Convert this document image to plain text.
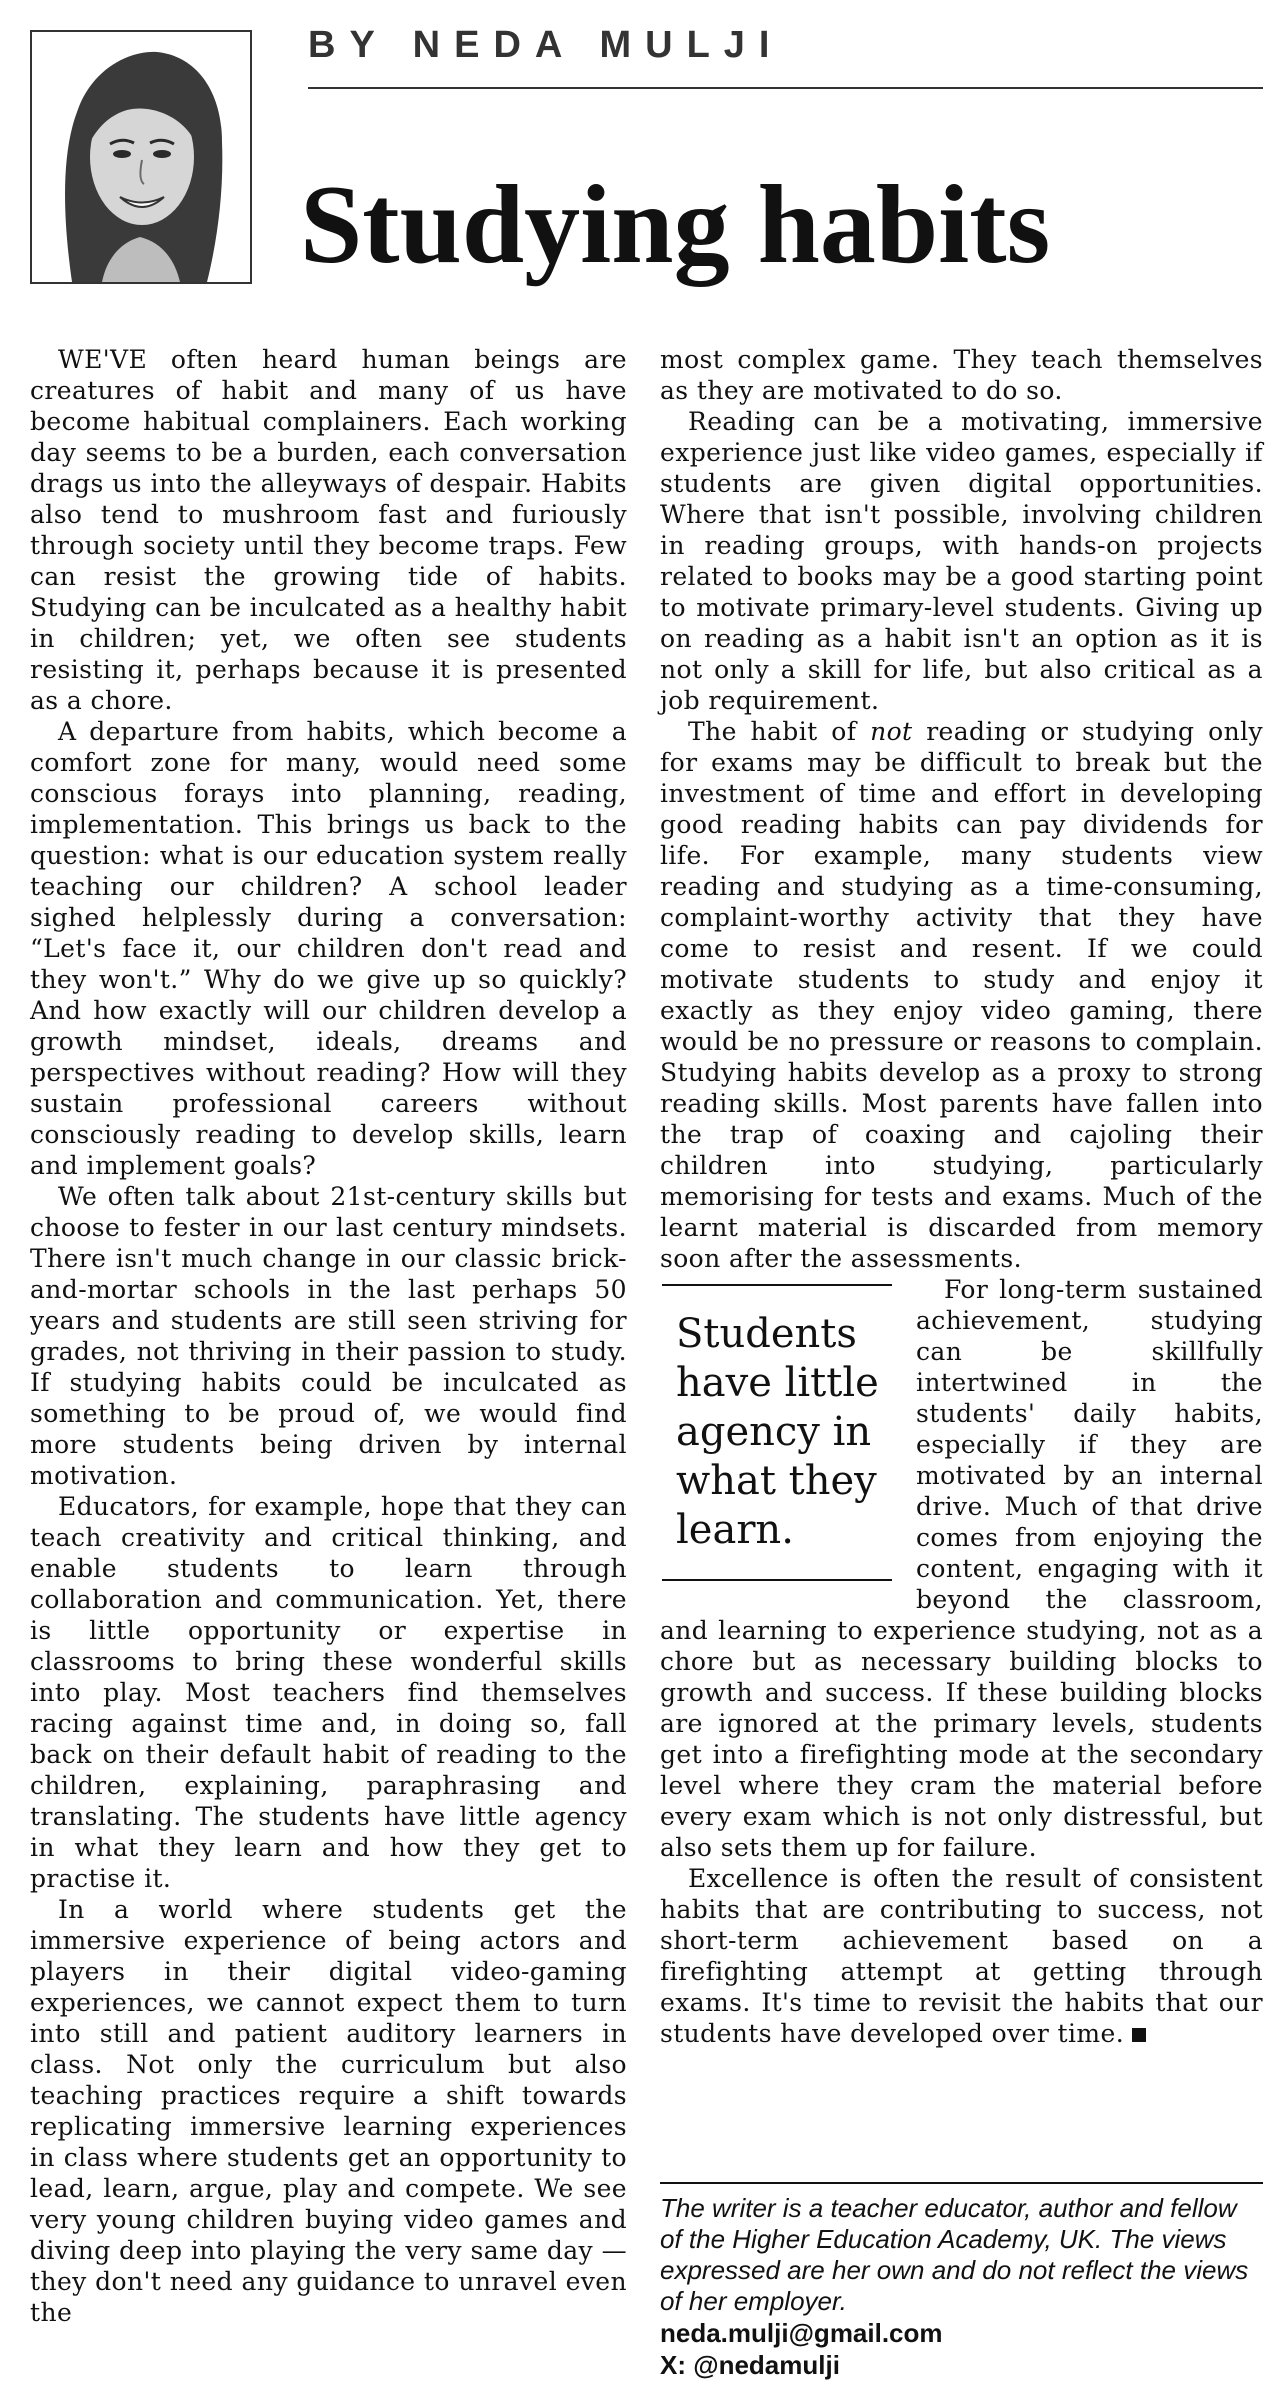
BY NEDA MULJI
Studying habits

WE'VE often heard human beings are creatures of habit and many of us have become habitual complainers. Each working day seems to be a burden, each conversation drags us into the alleyways of despair. Habits also tend to mushroom fast and furiously through society until they become traps. Few can resist the growing tide of habits. Studying can be inculcated as a healthy habit in children; yet, we often see students resisting it, perhaps because it is presented as a chore.

A departure from habits, which become a comfort zone for many, would need some conscious forays into planning, reading, implementation. This brings us back to the question: what is our education system really teaching our children? A school leader sighed helplessly during a conversation: “Let's face it, our children don't read and they won't.” Why do we give up so quickly? And how exactly will our children develop a growth mindset, ideals, dreams and perspectives without reading? How will they sustain professional careers without consciously reading to develop skills, learn and implement goals?

We often talk about 21st-century skills but choose to fester in our last century mindsets. There isn't much change in our classic brick-and-mortar schools in the last perhaps 50 years and students are still seen striving for grades, not thriving in their passion to study. If studying habits could be inculcated as something to be proud of, we would find more students being driven by internal motivation.

Educators, for example, hope that they can teach creativity and critical thinking, and enable students to learn through collaboration and communication. Yet, there is little opportunity or expertise in classrooms to bring these wonderful skills into play. Most teachers find themselves racing against time and, in doing so, fall back on their default habit of reading to the children, explaining, paraphrasing and translating. The students have little agency in what they learn and how they get to practise it.

In a world where students get the immersive experience of being actors and players in their digital video-gaming experiences, we cannot expect them to turn into still and patient auditory learners in class. Not only the curriculum but also teaching practices require a shift towards replicating immersive learning experiences in class where students get an opportunity to lead, learn, argue, play and compete. We see very young children buying video games and diving deep into playing the very same day — they don't need any guidance to unravel even the

most complex game. They teach themselves as they are motivated to do so.

Reading can be a motivating, immersive experience just like video games, especially if students are given digital opportunities. Where that isn't possible, involving children in reading groups, with hands-on projects related to books may be a good starting point to motivate primary-level students. Giving up on reading as a habit isn't an option as it is not only a skill for life, but also critical as a job requirement.

The habit of not reading or studying only for exams may be difficult to break but the investment of time and effort in developing good reading habits can pay dividends for life. For example, many students view reading and studying as a time-consuming, complaint-worthy activity that they have come to resist and resent. If we could motivate students to study and enjoy it exactly as they enjoy video gaming, there would be no pressure or reasons to complain. Studying habits develop as a proxy to strong reading skills. Most parents have fallen into the trap of coaxing and cajoling their children into studying, particularly memorising for tests and exams. Much of the learnt material is discarded from memory soon after the assessments.

Students have little agency in what they learn.

For long-term sustained achievement, studying can be skillfully intertwined in the students' daily habits, especially if they are motivated by an internal drive. Much of that drive comes from enjoying the content, engaging with it beyond the classroom, and learning to experience studying, not as a chore but as necessary building blocks to growth and success. If these building blocks are ignored at the primary levels, students get into a firefighting mode at the secondary level where they cram the material before every exam which is not only distressful, but also sets them up for failure.

Excellence is often the result of consistent habits that are contributing to success, not short-term achievement based on a firefighting attempt at getting through exams. It's time to revisit the habits that our students have developed over time.

The writer is a teacher educator, author and fellow of the Higher Education Academy, UK. The views expressed are her own and do not reflect the views of her employer.

neda.mulji@gmail.com

X: @nedamulji
